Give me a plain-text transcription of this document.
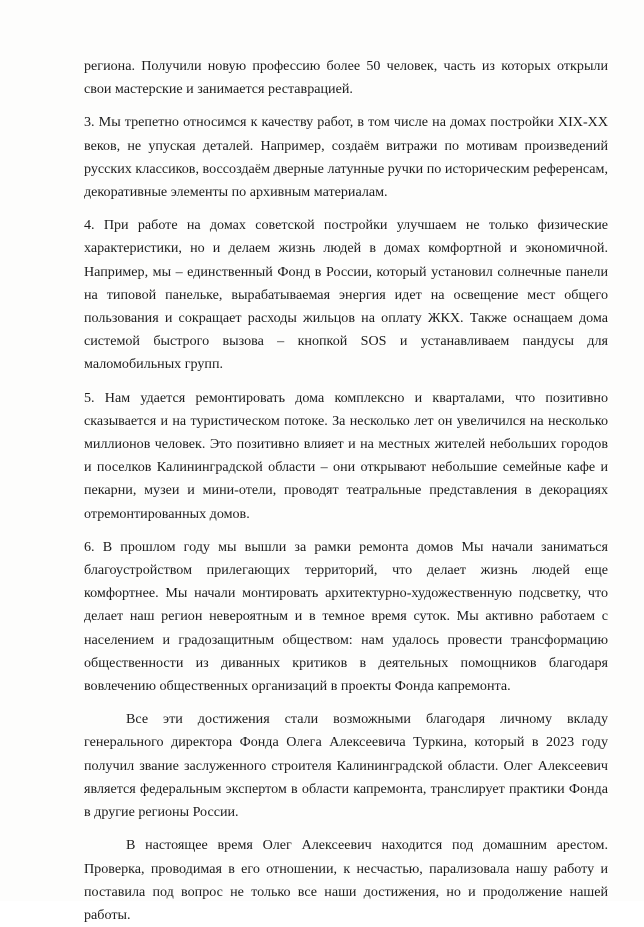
региона. Получили новую профессию более 50 человек, часть из которых открыли свои мастерские и занимается реставрацией.

3. Мы трепетно относимся к качеству работ, в том числе на домах постройки XIX-XX веков, не упуская деталей. Например, создаём витражи по мотивам произведений русских классиков, воссоздаём дверные латунные ручки по историческим референсам, декоративные элементы по архивным материалам.

4. При работе на домах советской постройки улучшаем не только физические характеристики, но и делаем жизнь людей в домах комфортной и экономичной. Например, мы – единственный Фонд в России, который установил солнечные панели на типовой панельке, вырабатываемая энергия идет на освещение мест общего пользования и сокращает расходы жильцов на оплату ЖКХ. Также оснащаем дома системой быстрого вызова – кнопкой SOS и устанавливаем пандусы для маломобильных групп.

5. Нам удается ремонтировать дома комплексно и кварталами, что позитивно сказывается и на туристическом потоке. За несколько лет он увеличился на несколько миллионов человек. Это позитивно влияет и на местных жителей небольших городов и поселков Калининградской области – они открывают небольшие семейные кафе и пекарни, музеи и мини-отели, проводят театральные представления в декорациях отремонтированных домов.

6. В прошлом году мы вышли за рамки ремонта домов Мы начали заниматься благоустройством прилегающих территорий, что делает жизнь людей еще комфортнее. Мы начали монтировать архитектурно-художественную подсветку, что делает наш регион невероятным и в темное время суток. Мы активно работаем с населением и градозащитным обществом: нам удалось провести трансформацию общественности из диванных критиков в деятельных помощников благодаря вовлечению общественных организаций в проекты Фонда капремонта.

Все эти достижения стали возможными благодаря личному вкладу генерального директора Фонда Олега Алексеевича Туркина, который в 2023 году получил звание заслуженного строителя Калининградской области. Олег Алексеевич является федеральным экспертом в области капремонта, транслирует практики Фонда в другие регионы России.

В настоящее время Олег Алексеевич находится под домашним арестом. Проверка, проводимая в его отношении, к несчастью, парализовала нашу работу и поставила под вопрос не только все наши достижения, но и продолжение нашей работы.
